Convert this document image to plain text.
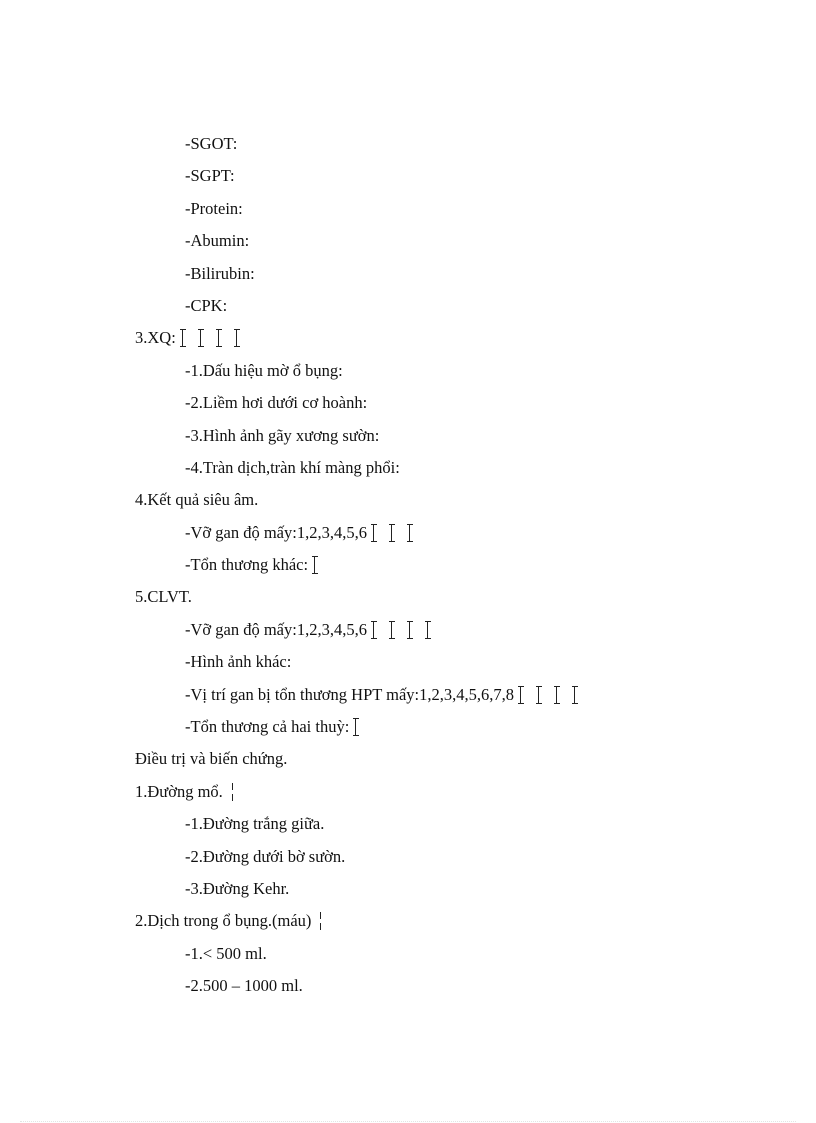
-SGOT:
-SGPT:
-Protein:
-Abumin:
-Bilirubin:
-CPK:
3.XQ:
-1.Dấu hiệu mờ ổ bụng:
-2.Liềm hơi dưới cơ hoành:
-3.Hình ảnh gãy xương sườn:
-4.Tràn dịch,tràn khí màng phổi:
4.Kết quả siêu âm.
-Vỡ gan độ mấy:1,2,3,4,5,6
-Tổn thương khác:
5.CLVT.
-Vỡ gan độ mấy:1,2,3,4,5,6
-Hình ảnh khác:
-Vị trí gan bị tổn thương HPT mấy:1,2,3,4,5,6,7,8
-Tổn thương cả hai thuỳ:
Điều trị và biến chứng.
1.Đường mổ.
-1.Đường trắng giữa.
-2.Đường dưới bờ sườn.
-3.Đường Kehr.
2.Dịch trong ổ bụng.(máu)
-1.< 500 ml.
-2.500 – 1000 ml.
